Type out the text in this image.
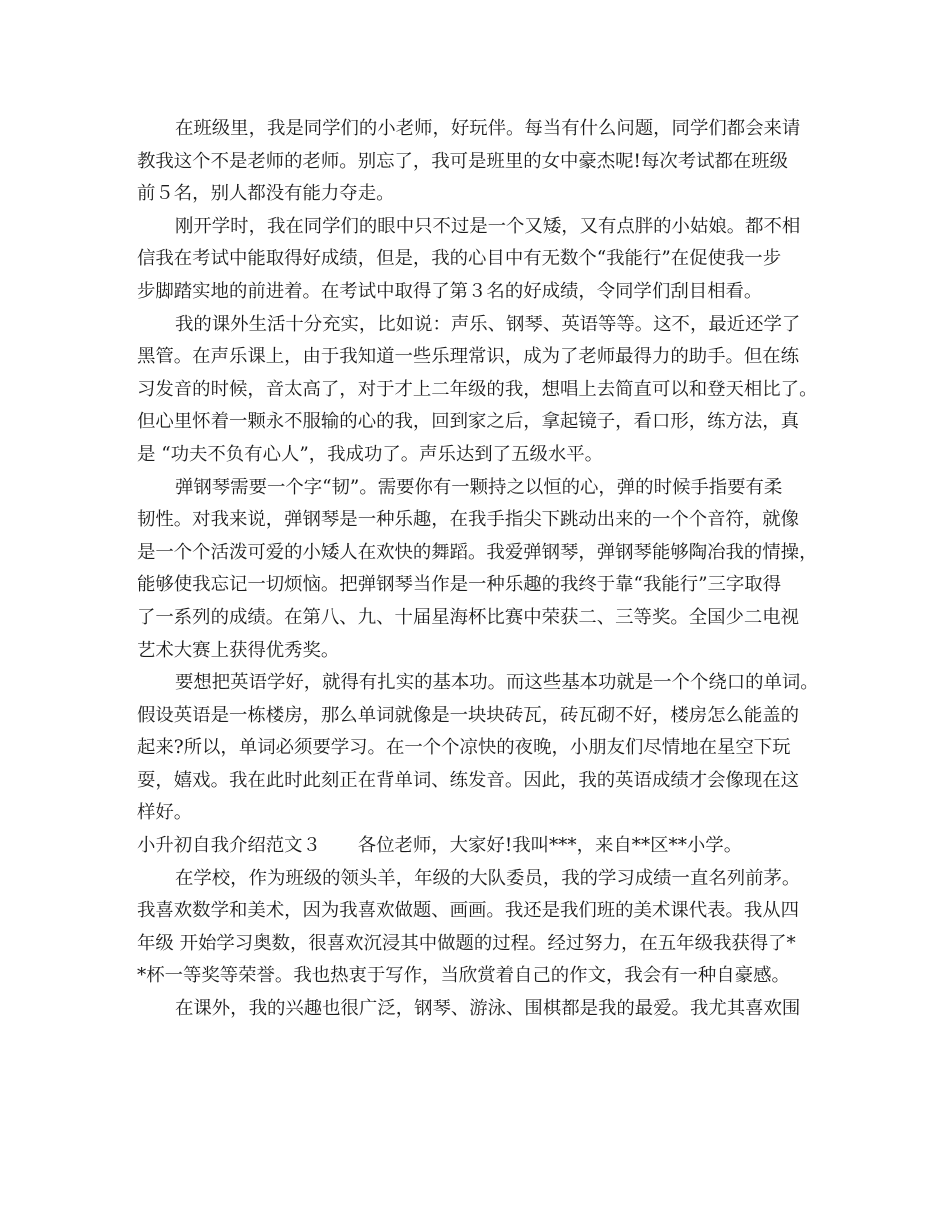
在班级里，我是同学们的小老师，好玩伴。每当有什么问题，同学们都会来请
教我这个不是老师的老师。别忘了，我可是班里的女中豪杰呢!每次考试都在班级
前５名，别人都没有能力夺走。
刚开学时，我在同学们的眼中只不过是一个又矮，又有点胖的小姑娘。都不相
信我在考试中能取得好成绩，但是，我的心目中有无数个“我能行”在促使我一步
步脚踏实地的前进着。在考试中取得了第３名的好成绩，令同学们刮目相看。
我的课外生活十分充实，比如说：声乐、钢琴、英语等等。这不，最近还学了
黑管。在声乐课上，由于我知道一些乐理常识，成为了老师最得力的助手。但在练
习发音的时候，音太高了，对于才上二年级的我，想唱上去简直可以和登天相比了。
但心里怀着一颗永不服输的心的我，回到家之后，拿起镜子，看口形，练方法，真
是 “功夫不负有心人”，我成功了。声乐达到了五级水平。
弹钢琴需要一个字“韧”。需要你有一颗持之以恒的心，弹的时候手指要有柔
韧性。对我来说，弹钢琴是一种乐趣，在我手指尖下跳动出来的一个个音符，就像
是一个个活泼可爱的小矮人在欢快的舞蹈。我爱弹钢琴，弹钢琴能够陶冶我的情操，
能够使我忘记一切烦恼。把弹钢琴当作是一种乐趣的我终于靠“我能行”三字取得
了一系列的成绩。在第八、九、十届星海杯比赛中荣获二、三等奖。全国少二电视
艺术大赛上获得优秀奖。
要想把英语学好，就得有扎实的基本功。而这些基本功就是一个个绕口的单词。
假设英语是一栋楼房，那么单词就像是一块块砖瓦，砖瓦砌不好，楼房怎么能盖的
起来?所以，单词必须要学习。在一个个凉快的夜晚，小朋友们尽情地在星空下玩
耍，嬉戏。我在此时此刻正在背单词、练发音。因此，我的英语成绩才会像现在这
样好。
小升初自我介绍范文３　　各位老师，大家好!我叫***，来自**区**小学。
在学校，作为班级的领头羊，年级的大队委员，我的学习成绩一直名列前茅。
我喜欢数学和美术，因为我喜欢做题、画画。我还是我们班的美术课代表。我从四
年级 开始学习奥数，很喜欢沉浸其中做题的过程。经过努力，在五年级我获得了*
*杯一等奖等荣誉。我也热衷于写作，当欣赏着自己的作文，我会有一种自豪感。
在课外，我的兴趣也很广泛，钢琴、游泳、围棋都是我的最爱。我尤其喜欢围
